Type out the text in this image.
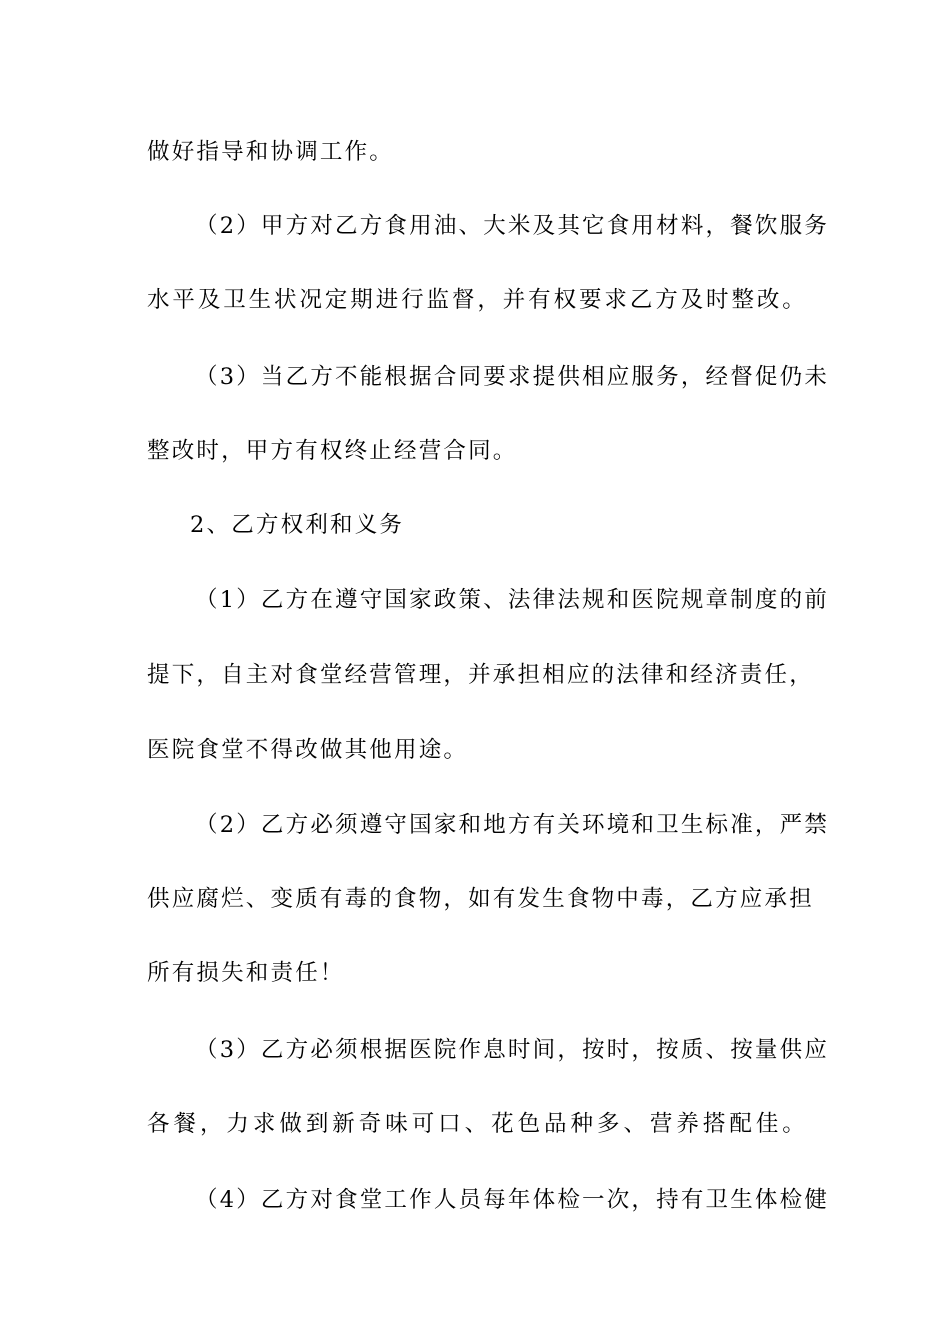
做好指导和协调工作。
（2）甲方对乙方食用油、大米及其它食用材料，餐饮服务
水平及卫生状况定期进行监督，并有权要求乙方及时整改。
（3）当乙方不能根据合同要求提供相应服务，经督促仍未
整改时，甲方有权终止经营合同。
2、乙方权利和义务
（1）乙方在遵守国家政策、法律法规和医院规章制度的前
提下，自主对食堂经营管理，并承担相应的法律和经济责任，
医院食堂不得改做其他用途。
（2）乙方必须遵守国家和地方有关环境和卫生标准，严禁
供应腐烂、变质有毒的食物，如有发生食物中毒，乙方应承担
所有损失和责任！
（3）乙方必须根据医院作息时间，按时，按质、按量供应
各餐，力求做到新奇味可口、花色品种多、营养搭配佳。
（4）乙方对食堂工作人员每年体检一次，持有卫生体检健
